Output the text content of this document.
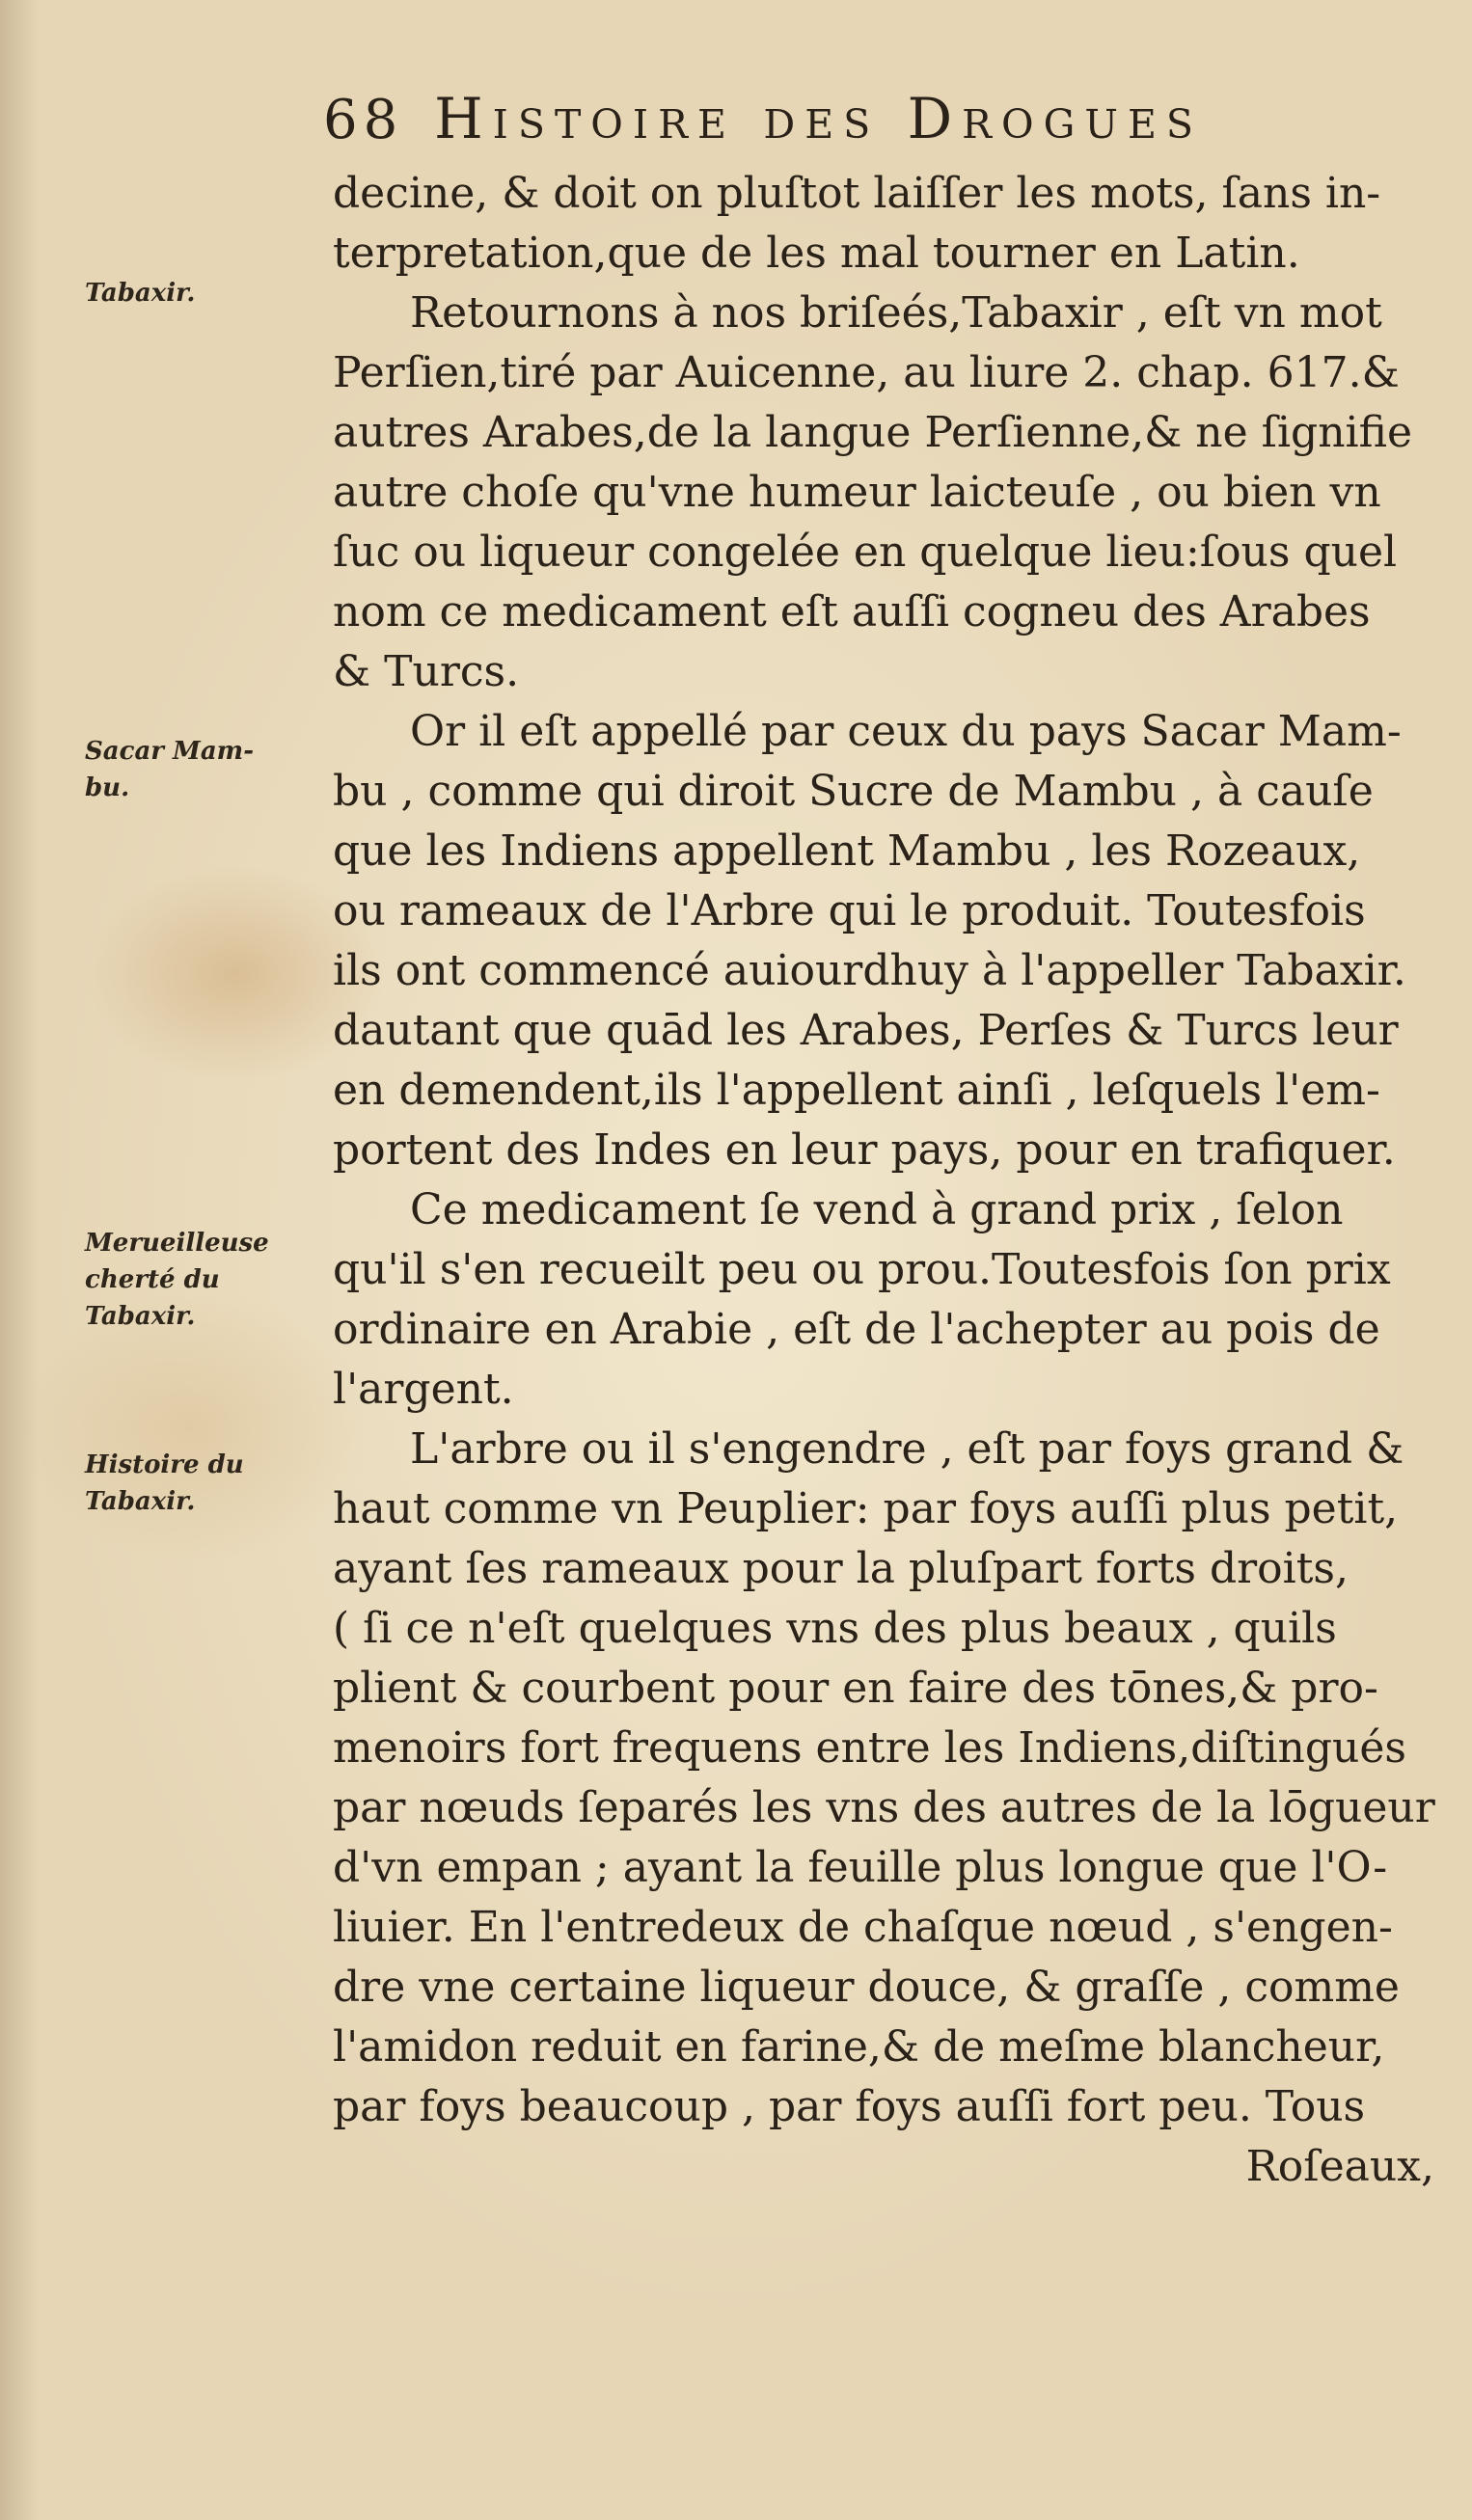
68 Histoire des Drogues
Tabaxir.
Sacar Mam-
bu.
Merueilleuse
cherté du
Tabaxir.
Histoire du
Tabaxir.
decine, & doit on pluſtot laiſſer les mots, ſans in-
terpretation,que de les mal tourner en Latin.
Retournons à nos briſeés,Tabaxir , eſt vn mot
Perſien,tiré par Auicenne, au liure 2. chap. 617.&
autres Arabes,de la langue Perſienne,& ne ſignifie
autre choſe qu'vne humeur laicteuſe , ou bien vn
ſuc ou liqueur congelée en quelque lieu:ſous quel
nom ce medicament eſt auſſi cogneu des Arabes
& Turcs.
Or il eſt appellé par ceux du pays Sacar Mam-
bu , comme qui diroit Sucre de Mambu , à cauſe
que les Indiens appellent Mambu , les Rozeaux,
ou rameaux de l'Arbre qui le produit. Toutesfois
ils ont commencé auiourdhuy à l'appeller Tabaxir.
dautant que quād les Arabes, Perſes & Turcs leur
en demendent,ils l'appellent ainſi , leſquels l'em-
portent des Indes en leur pays, pour en trafiquer.
Ce medicament ſe vend à grand prix , ſelon
qu'il s'en recueilt peu ou prou.Toutesfois ſon prix
ordinaire en Arabie , eſt de l'achepter au pois de
l'argent.
L'arbre ou il s'engendre , eſt par foys grand &
haut comme vn Peuplier: par foys auſſi plus petit,
ayant ſes rameaux pour la pluſpart forts droits,
( ſi ce n'eſt quelques vns des plus beaux , quils
plient & courbent pour en faire des tōnes,& pro-
menoirs fort frequens entre les Indiens,diſtingués
par nœuds ſeparés les vns des autres de la lōgueur
d'vn empan ; ayant la feuille plus longue que l'O-
liuier. En l'entredeux de chaſque nœud , s'engen-
dre vne certaine liqueur douce, & graſſe , comme
l'amidon reduit en farine,& de meſme blancheur,
par foys beaucoup , par foys auſſi fort peu. Tous
Roſeaux,
